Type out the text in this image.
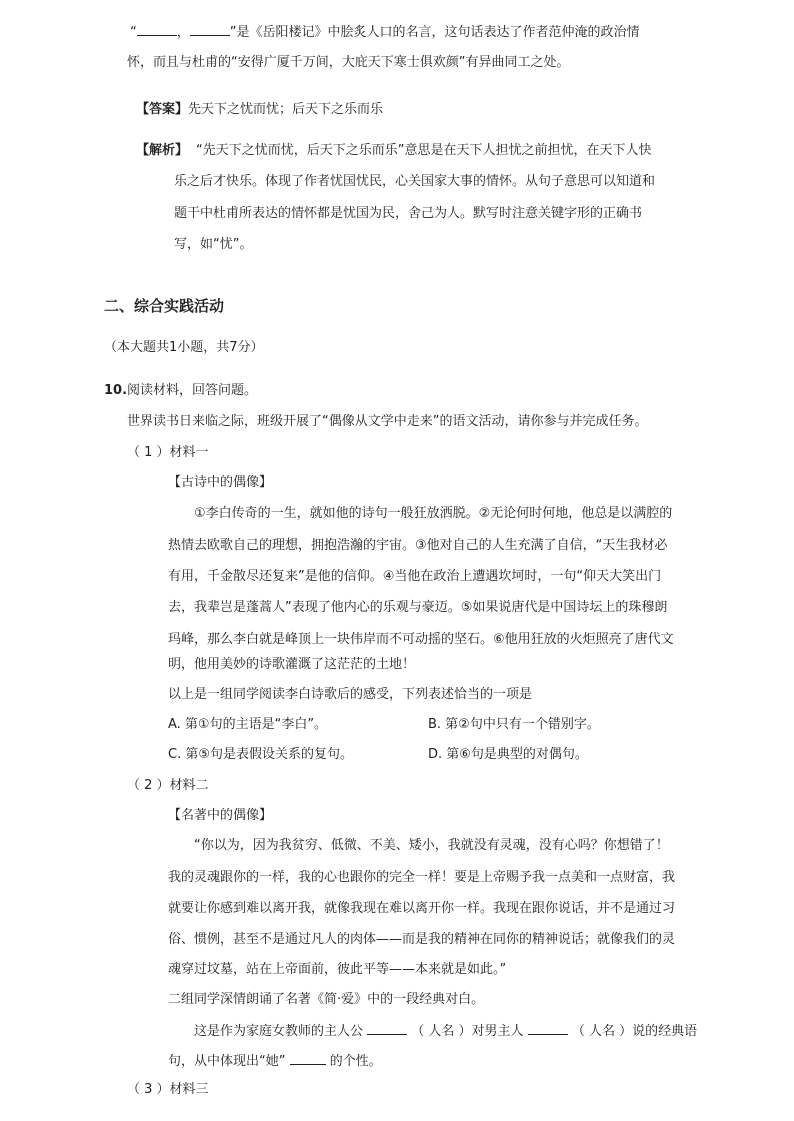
“	，	”是《岳阳楼记》中脍炙人口的名言，这句话表达了作者范仲淹的政治情
怀，而且与杜甫的“安得广厦千万间，大庇天下寒士俱欢颜”有异曲同工之处。
【答案】先天下之忧而忧；后天下之乐而乐
【解析】 “先天下之忧而忧，后天下之乐而乐”意思是在天下人担忧之前担忧，在天下人快
乐之后才快乐。体现了作者忧国忧民，心关国家大事的情怀。从句子意思可以知道和
题干中杜甫所表达的情怀都是忧国为民，舍己为人。默写时注意关键字形的正确书
写，如“忧”。
二、综合实践活动
（本大题共1小题，共7分）
10.阅读材料，回答问题。
世界读书日来临之际，班级开展了“偶像从文学中走来”的语文活动，请你参与并完成任务。
（ 1 ）材料一
【古诗中的偶像】
①李白传奇的一生，就如他的诗句一般狂放洒脱。②无论何时何地，他总是以满腔的
热情去欧歌自己的理想，拥抱浩瀚的宇宙。③他对自己的人生充满了自信，“天生我材必
有用，千金散尽还复来”是他的信仰。④当他在政治上遭遇坎坷时，一句“仰天大笑出门
去，我辈岂是蓬蒿人”表现了他内心的乐观与豪迈。⑤如果说唐代是中国诗坛上的珠穆朗
玛峰，那么李白就是峰顶上一块伟岸而不可动摇的坚石。⑥他用狂放的火炬照亮了唐代文
明，他用美妙的诗歌灌溉了这茫茫的土地！
以上是一组同学阅读李白诗歌后的感受，下列表述恰当的一项是
A. 第①句的主语是“李白”。	B. 第②句中只有一个错别字。
C. 第⑤句是表假设关系的复句。	D. 第⑥句是典型的对偶句。
（ 2 ）材料二
【名著中的偶像】
“你以为，因为我贫穷、低微、不美、矮小，我就没有灵魂，没有心吗？你想错了！
我的灵魂跟你的一样，我的心也跟你的完全一样！要是上帝赐予我一点美和一点财富，我
就要让你感到难以离开我，就像我现在难以离开你一样。我现在跟你说话，并不是通过习
俗、惯例，甚至不是通过凡人的肉体——而是我的精神在同你的精神说话；就像我们的灵
魂穿过坟墓，站在上帝面前，彼此平等——本来就是如此。”
二组同学深情朗诵了名著《简·爱》中的一段经典对白。
这是作为家庭女教师的主人公	（ 人名 ）对男主人	（ 人名 ）说的经典语
句，从中体现出“她”	的个性。
（ 3 ）材料三
